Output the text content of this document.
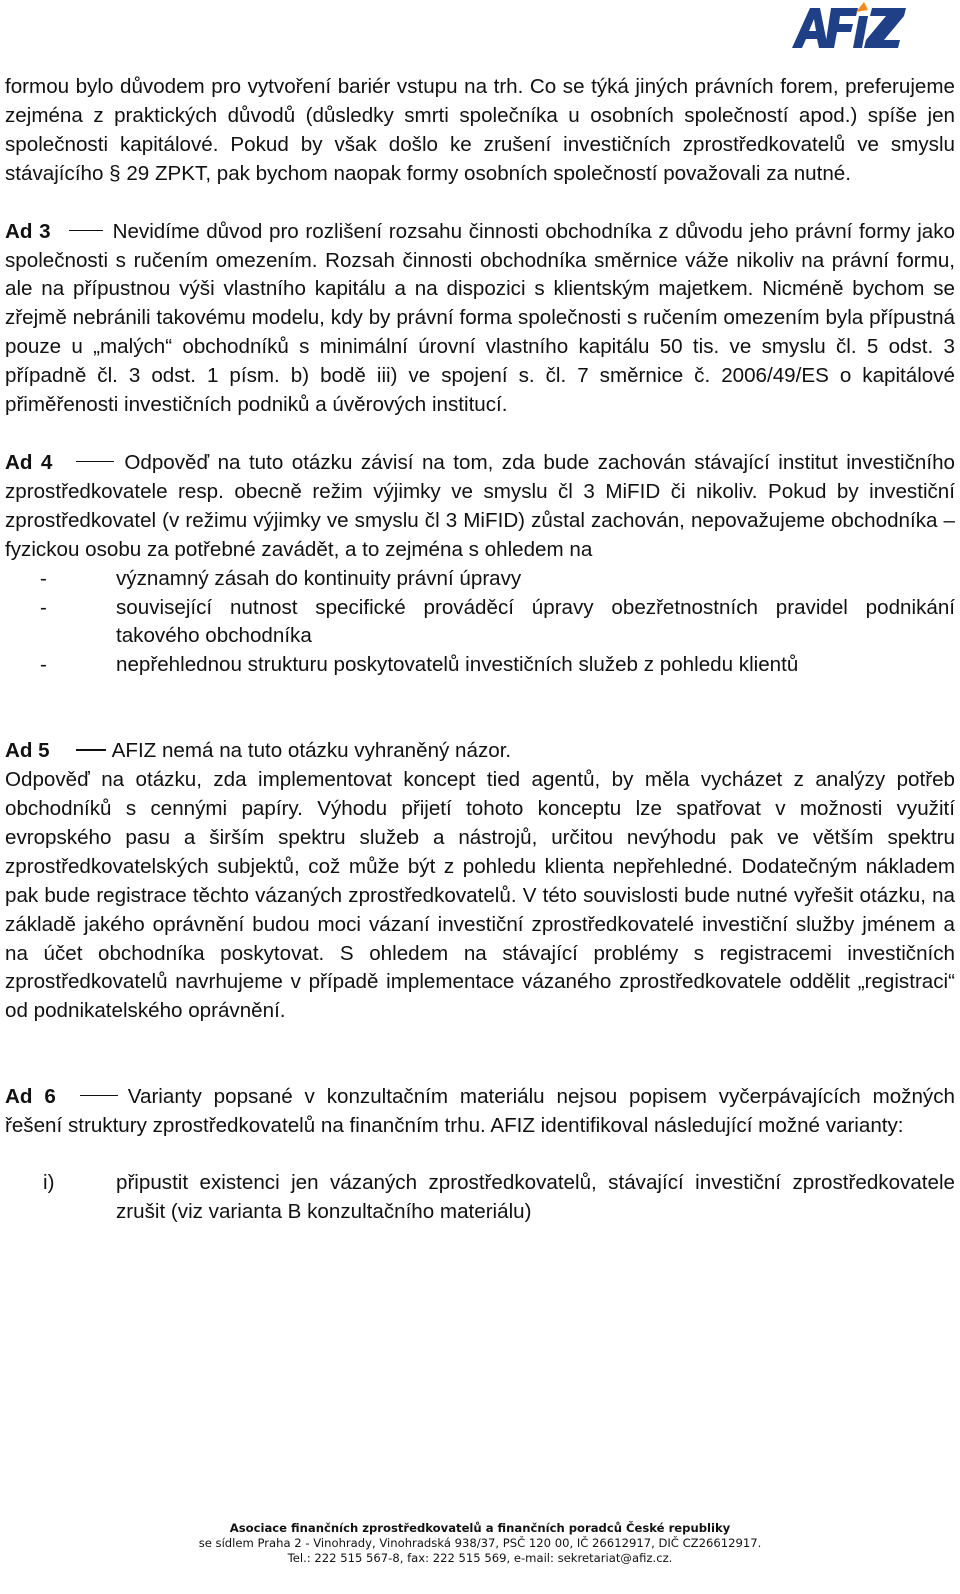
formou bylo důvodem pro vytvoření bariér vstupu na trh. Co se týká jiných právních forem, preferujeme zejména z praktických důvodů (důsledky smrti společníka u osobních společností apod.) spíše jen společnosti kapitálové. Pokud by však došlo ke zrušení investičních zprostředkovatelů ve smyslu stávajícího § 29 ZPKT, pak bychom naopak formy osobních společností považovali za nutné.

Ad 3	Nevidíme důvod pro rozlišení rozsahu činnosti obchodníka z důvodu jeho právní formy jako společnosti s ručením omezením. Rozsah činnosti obchodníka směrnice váže nikoliv na právní formu, ale na přípustnou výši vlastního kapitálu a na dispozici s klientským majetkem. Nicméně bychom se zřejmě nebránili takovému modelu, kdy by právní forma společnosti s ručením omezením byla přípustná pouze u „malých“ obchodníků s minimální úrovní vlastního kapitálu 50 tis. ve smyslu čl. 5 odst. 3 případně čl. 3 odst. 1 písm. b) bodě iii) ve spojení s. čl. 7 směrnice č. 2006/49/ES o kapitálové přiměřenosti investičních podniků a úvěrových institucí.

Ad 4	Odpověď na tuto otázku závisí na tom, zda bude zachován stávající institut investičního zprostředkovatele resp. obecně režim výjimky ve smyslu čl 3 MiFID či nikoliv. Pokud by investiční zprostředkovatel (v režimu výjimky ve smyslu čl 3 MiFID) zůstal zachován, nepovažujeme obchodníka – fyzickou osobu za potřebné zavádět, a to zejména s ohledem na

-	významný zásah do kontinuity právní úpravy
-	související nutnost specifické prováděcí úpravy obezřetnostních pravidel podnikání takového obchodníka
-	nepřehlednou strukturu poskytovatelů investičních služeb z pohledu klientů

Ad 5	AFIZ nemá na tuto otázku vyhraněný názor.

Odpověď na otázku, zda implementovat koncept tied agentů, by měla vycházet z analýzy potřeb obchodníků s cennými papíry. Výhodu přijetí tohoto konceptu lze spatřovat v možnosti využití evropského pasu a širším spektru služeb a nástrojů, určitou nevýhodu pak ve větším spektru zprostředkovatelských subjektů, což může být z pohledu klienta nepřehledné. Dodatečným nákladem pak bude registrace těchto vázaných zprostředkovatelů. V této souvislosti bude nutné vyřešit otázku, na základě jakého oprávnění budou moci vázaní investiční zprostředkovatelé investiční služby jménem a na účet obchodníka poskytovat. S ohledem na stávající problémy s registracemi investičních zprostředkovatelů navrhujeme v případě implementace vázaného zprostředkovatele oddělit „registraci“ od podnikatelského oprávnění.

Ad 6	Varianty popsané v konzultačním materiálu nejsou popisem vyčerpávajících možných řešení struktury zprostředkovatelů na finančním trhu. AFIZ identifikoval následující možné varianty:

i)	připustit existenci jen vázaných zprostředkovatelů, stávající investiční zprostředkovatele zrušit (viz varianta B konzultačního materiálu)
Asociace finančních zprostředkovatelů a finančních poradců České republiky
se sídlem Praha 2 - Vinohrady, Vinohradská 938/37, PSČ 120 00, IČ 26612917, DIČ CZ26612917.
Tel.: 222 515 567-8, fax: 222 515 569, e-mail: sekretariat@afiz.cz.
